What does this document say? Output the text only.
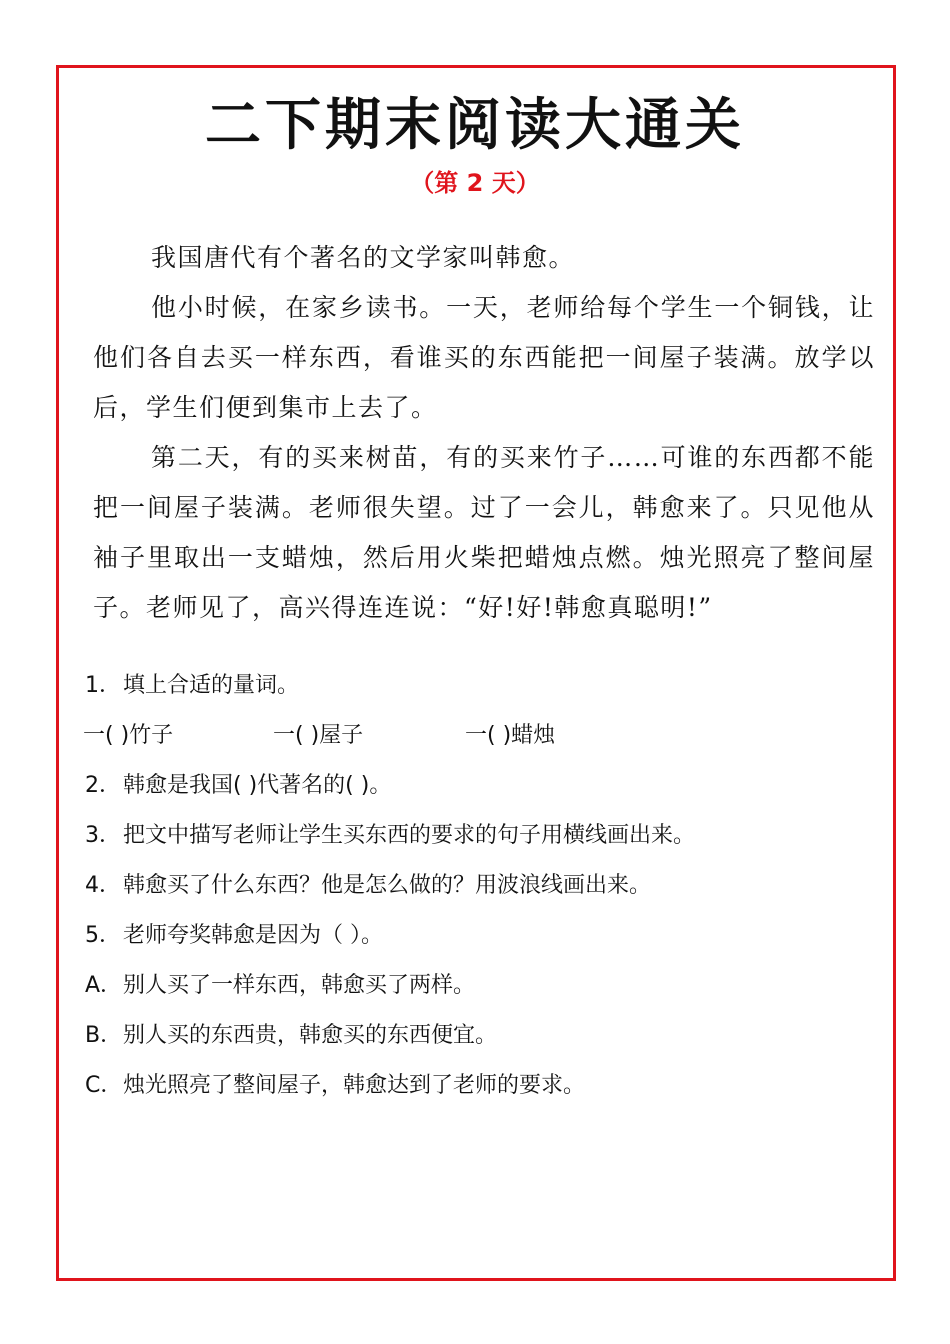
二下期末阅读大通关
（第 2 天）

我国唐代有个著名的文学家叫韩愈。

他小时候，在家乡读书。一天，老师给每个学生一个铜钱，让他们各自去买一样东西，看谁买的东西能把一间屋子装满。放学以后，学生们便到集市上去了。

第二天，有的买来树苗，有的买来竹子……可谁的东西都不能把一间屋子装满。老师很失望。过了一会儿，韩愈来了。只见他从袖子里取出一支蜡烛，然后用火柴把蜡烛点燃。烛光照亮了整间屋子。老师见了，高兴得连连说：“好!好!韩愈真聪明!”

1．填上合适的量词。
一( )竹子	一( )屋子	一( )蜡烛
2．韩愈是我国( )代著名的( )。
3．把文中描写老师让学生买东西的要求的句子用横线画出来。
4．韩愈买了什么东西？他是怎么做的？用波浪线画出来。
5．老师夸奖韩愈是因为（ ）。
A．别人买了一样东西，韩愈买了两样。
B．别人买的东西贵，韩愈买的东西便宜。
C．烛光照亮了整间屋子，韩愈达到了老师的要求。
